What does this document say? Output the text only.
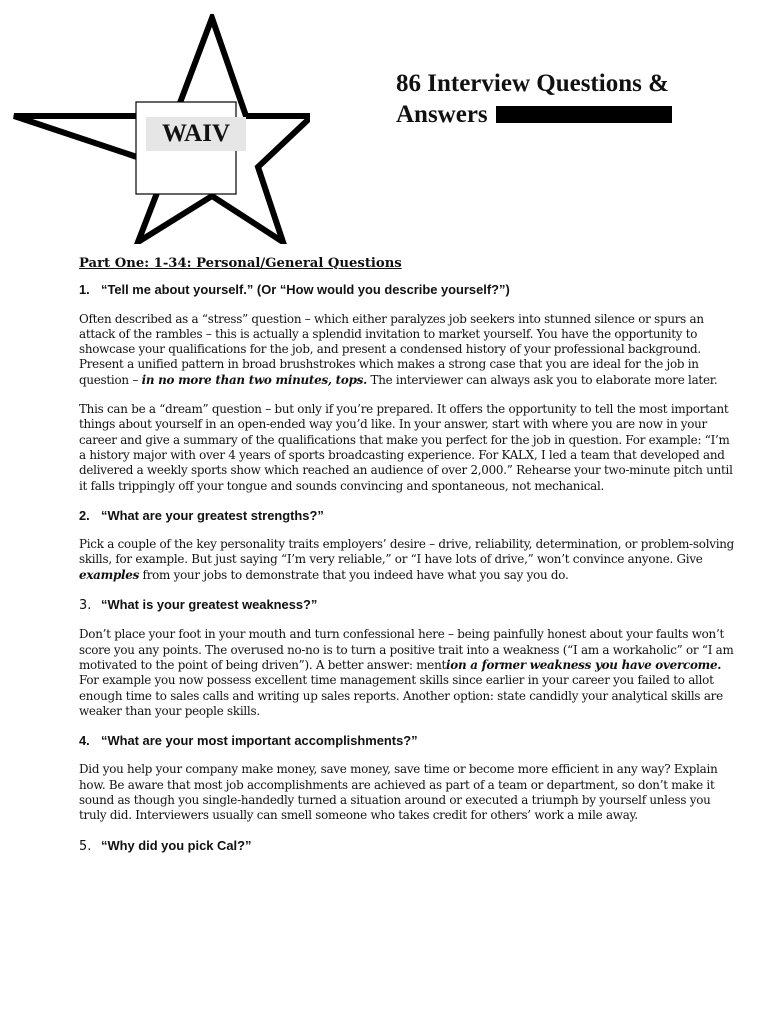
WAIV
86 Interview Questions &
Answers
Part One: 1-34: Personal/General Questions
1. “Tell me about yourself.” (Or “How would you describe yourself?”)

Often described as a “stress” question – which either paralyzes job seekers into stunned silence or spurs an attack of the rambles – this is actually a splendid invitation to market yourself. You have the opportunity to showcase your qualifications for the job, and present a condensed history of your professional background. Present a unified pattern in broad brushstrokes which makes a strong case that you are ideal for the job in question – in no more than two minutes, tops. The interviewer can always ask you to elaborate more later.

This can be a “dream” question – but only if you’re prepared. It offers the opportunity to tell the most important things about yourself in an open-ended way you’d like. In your answer, start with where you are now in your career and give a summary of the qualifications that make you perfect for the job in question. For example: “I’m a history major with over 4 years of sports broadcasting experience. For KALX, I led a team that developed and delivered a weekly sports show which reached an audience of over 2,000.” Rehearse your two-minute pitch until it falls trippingly off your tongue and sounds convincing and spontaneous, not mechanical.

2. “What are your greatest strengths?”

Pick a couple of the key personality traits employers’ desire – drive, reliability, determination, or problem-solving skills, for example. But just saying “I’m very reliable,” or “I have lots of drive,” won’t convince anyone. Give examples from your jobs to demonstrate that you indeed have what you say you do.

3. “What is your greatest weakness?”

Don’t place your foot in your mouth and turn confessional here – being painfully honest about your faults won’t score you any points. The overused no-no is to turn a positive trait into a weakness (“I am a workaholic” or “I am motivated to the point of being driven”). A better answer: mention a former weakness you have overcome. For example you now possess excellent time management skills since earlier in your career you failed to allot enough time to sales calls and writing up sales reports. Another option: state candidly your analytical skills are weaker than your people skills.

4. “What are your most important accomplishments?”

Did you help your company make money, save money, save time or become more efficient in any way? Explain how. Be aware that most job accomplishments are achieved as part of a team or department, so don’t make it sound as though you single-handedly turned a situation around or executed a triumph by yourself unless you truly did. Interviewers usually can smell someone who takes credit for others’ work a mile away.

5. “Why did you pick Cal?”
